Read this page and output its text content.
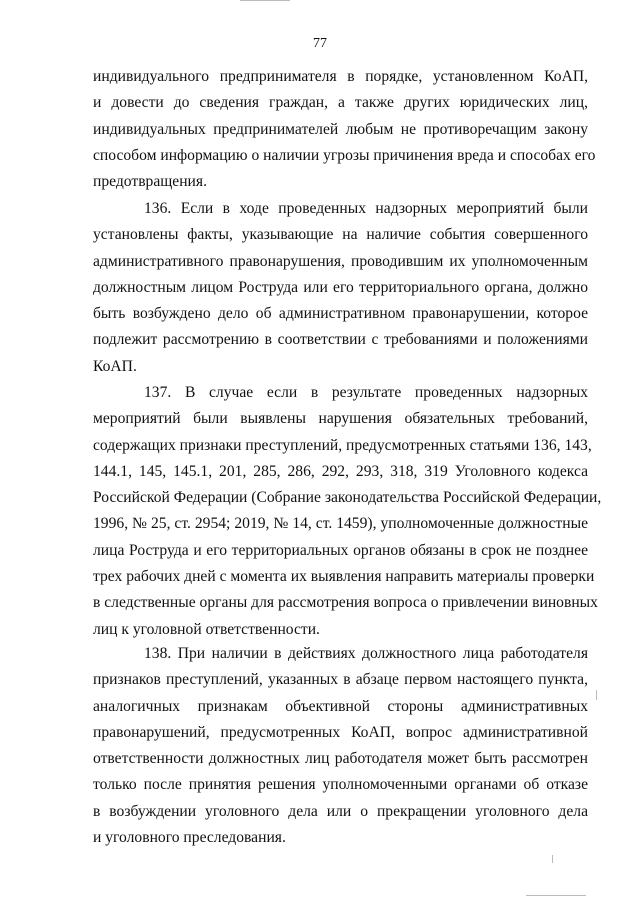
77
индивидуального предпринимателя в порядке, установленном КоАП,
и довести до сведения граждан, а также других юридических лиц,
индивидуальных предпринимателей любым не противоречащим закону
способом информацию о наличии угрозы причинения вреда и способах его
предотвращения.
136. Если в ходе проведенных надзорных мероприятий были
установлены факты, указывающие на наличие события совершенного
административного правонарушения, проводившим их уполномоченным
должностным лицом Роструда или его территориального органа, должно
быть возбуждено дело об административном правонарушении, которое
подлежит рассмотрению в соответствии с требованиями и положениями
КоАП.
137. В случае если в результате проведенных надзорных
мероприятий были выявлены нарушения обязательных требований,
содержащих признаки преступлений, предусмотренных статьями 136, 143,
144.1, 145, 145.1, 201, 285, 286, 292, 293, 318, 319 Уголовного кодекса
Российской Федерации (Собрание законодательства Российской Федерации,
1996, № 25, ст. 2954; 2019, № 14, ст. 1459), уполномоченные должностные
лица Роструда и его территориальных органов обязаны в срок не позднее
трех рабочих дней с момента их выявления направить материалы проверки
в следственные органы для рассмотрения вопроса о привлечении виновных
лиц к уголовной ответственности.
138. При наличии в действиях должностного лица работодателя
признаков преступлений, указанных в абзаце первом настоящего пункта,
аналогичных признакам объективной стороны административных
правонарушений, предусмотренных КоАП, вопрос административной
ответственности должностных лиц работодателя может быть рассмотрен
только после принятия решения уполномоченными органами об отказе
в возбуждении уголовного дела или о прекращении уголовного дела
и уголовного преследования.
